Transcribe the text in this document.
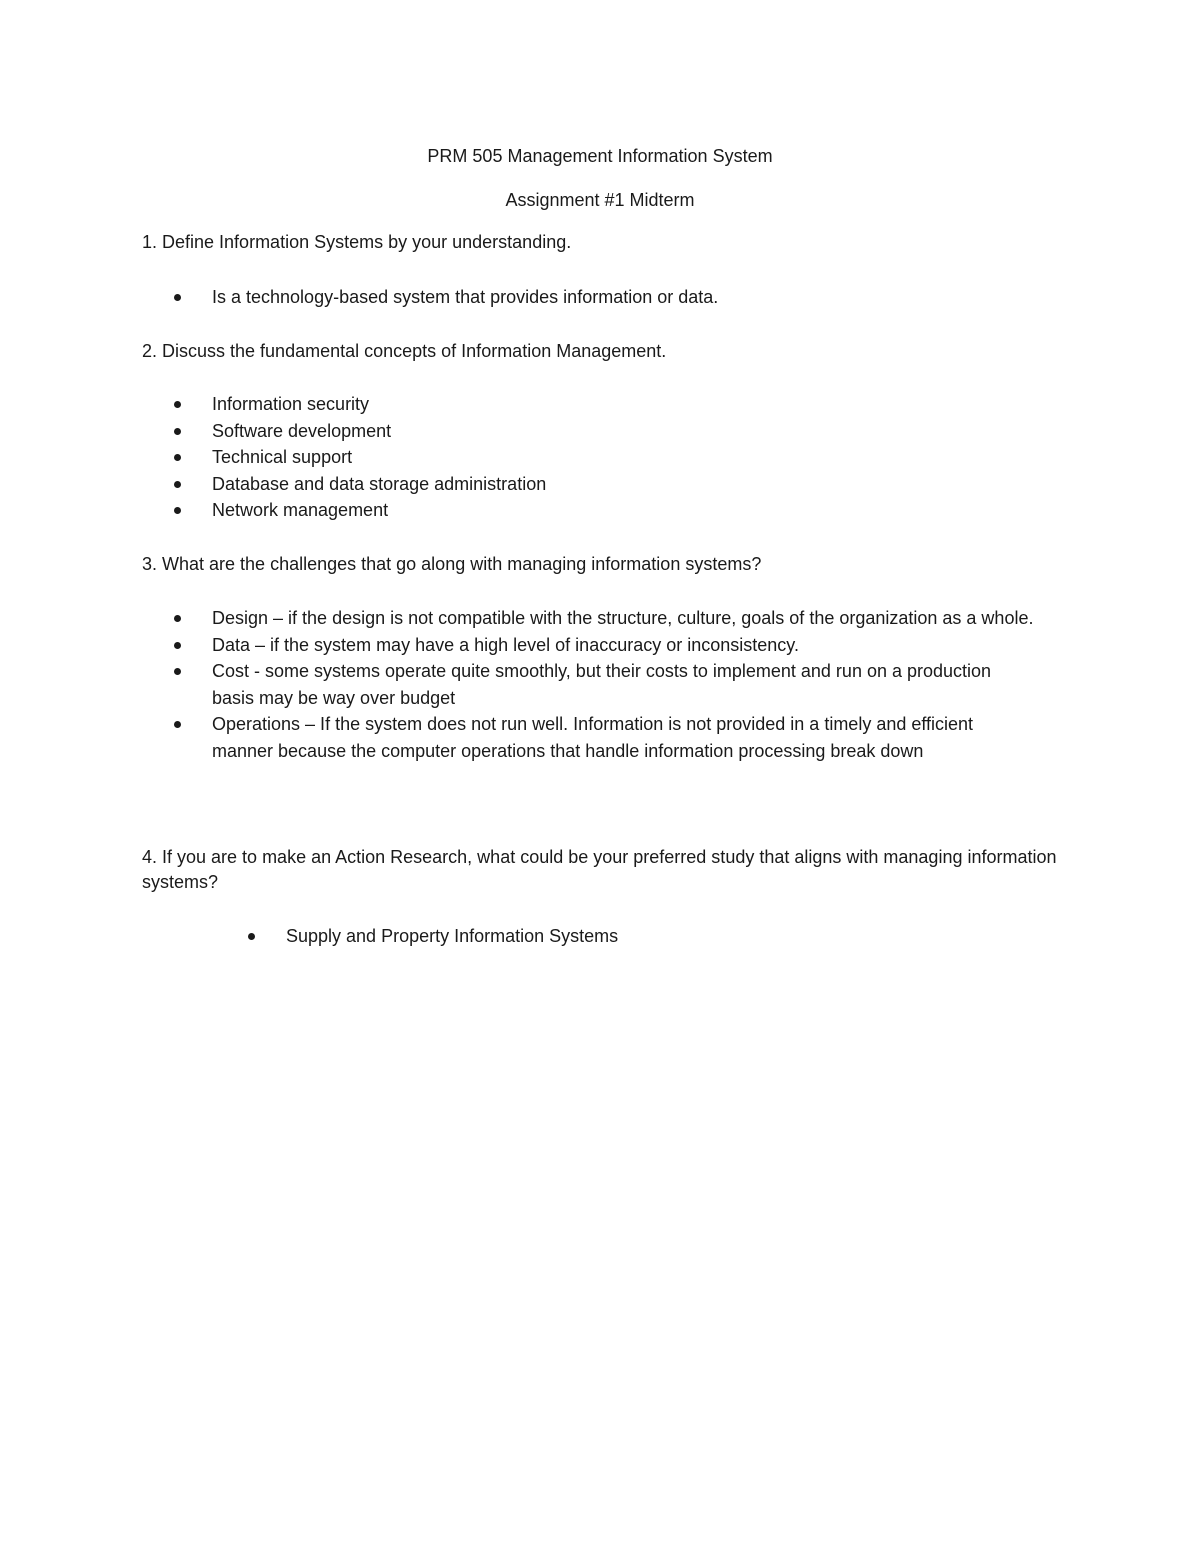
PRM 505 Management Information System
Assignment #1 Midterm
1. Define Information Systems by your understanding.
Is a technology-based system that provides information or data.
2. Discuss the fundamental concepts of Information Management.
Information security
Software development
Technical support
Database and data storage administration
Network management
3. What are the challenges that go along with managing information systems?
Design – if the design is not compatible with the structure, culture, goals of the organization as a whole.
Data – if the system may have a high level of inaccuracy or inconsistency.
Cost - some systems operate quite smoothly, but their costs to implement and run on a production basis may be way over budget
Operations – If the system does not run well. Information is not provided in a timely and efficient manner because the computer operations that handle information processing break down
4. If you are to make an Action Research, what could be your preferred study that aligns with managing information systems?
Supply and Property Information Systems
